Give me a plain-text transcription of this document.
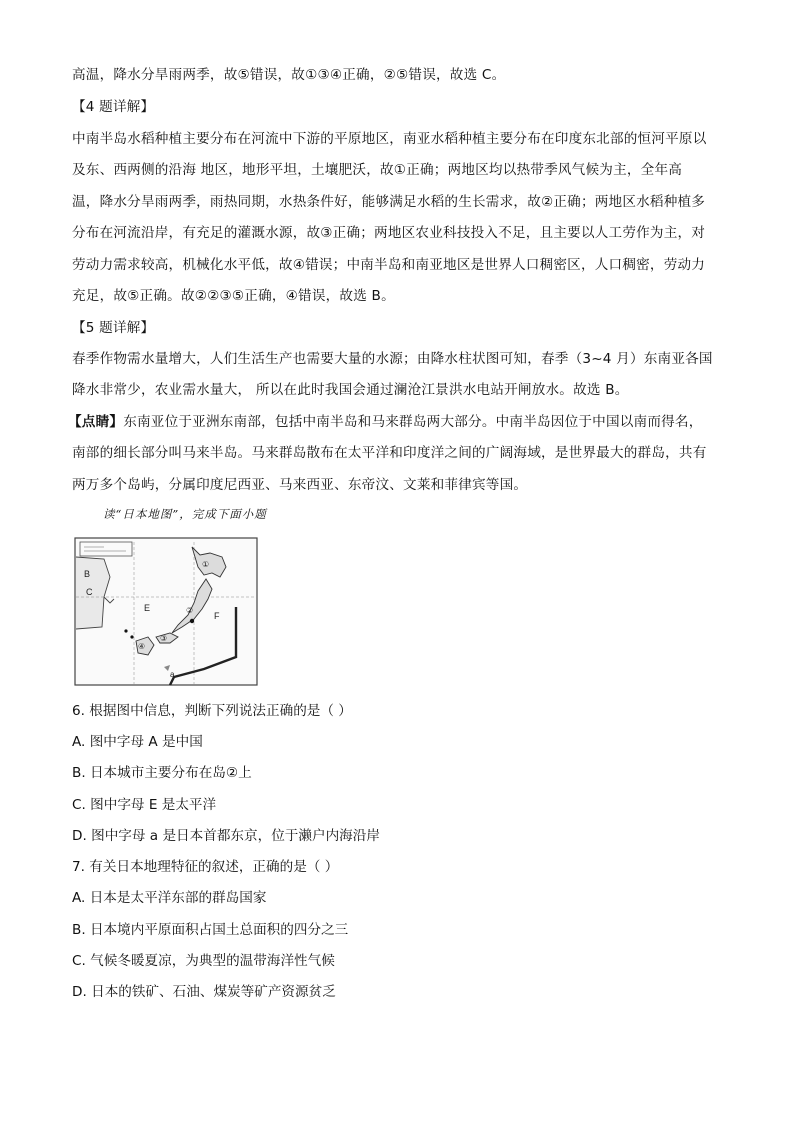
高温，降水分旱雨两季，故⑤错误，故①③④正确，②⑤错误，故选 C。
【4 题详解】
中南半岛水稻种植主要分布在河流中下游的平原地区，南亚水稻种植主要分布在印度东北部的恒河平原以
及东、西两侧的沿海 地区，地形平坦，土壤肥沃，故①正确；两地区均以热带季风气候为主，全年高
温，降水分旱雨两季，雨热同期，水热条件好，能够满足水稻的生长需求，故②正确；两地区水稻种植多
分布在河流沿岸，有充足的灌溉水源，故③正确；两地区农业科技投入不足，且主要以人工劳作为主，对
劳动力需求较高，机械化水平低，故④错误；中南半岛和南亚地区是世界人口稠密区，人口稠密，劳动力
充足，故⑤正确。故②②③⑤正确，④错误，故选 B。
【5 题详解】
春季作物需水量增大，人们生活生产也需要大量的水源；由降水柱状图可知，春季（3~4 月）东南亚各国
降水非常少，农业需水量大， 所以在此时我国会通过澜沧江景洪水电站开闸放水。故选 B。
【点睛】东南亚位于亚洲东南部，包括中南半岛和马来群岛两大部分。中南半岛因位于中国以南而得名，
南部的细长部分叫马来半岛。马来群岛散布在太平洋和印度洋之间的广阔海域，是世界最大的群岛，共有
两万多个岛屿，分属印度尼西亚、马来西亚、东帝汶、文莱和菲律宾等国。
读“日本地图”，完成下面小题
B
C
E
F
a
①
②
③
④
6. 根据图中信息，判断下列说法正确的是（ ）
A. 图中字母 A 是中国
B. 日本城市主要分布在岛②上
C. 图中字母 E 是太平洋
D. 图中字母 a 是日本首都东京，位于濑户内海沿岸
7. 有关日本地理特征的叙述，正确的是（ ）
A. 日本是太平洋东部的群岛国家
B. 日本境内平原面积占国土总面积的四分之三
C. 气候冬暖夏凉，为典型的温带海洋性气候
D. 日本的铁矿、石油、煤炭等矿产资源贫乏
